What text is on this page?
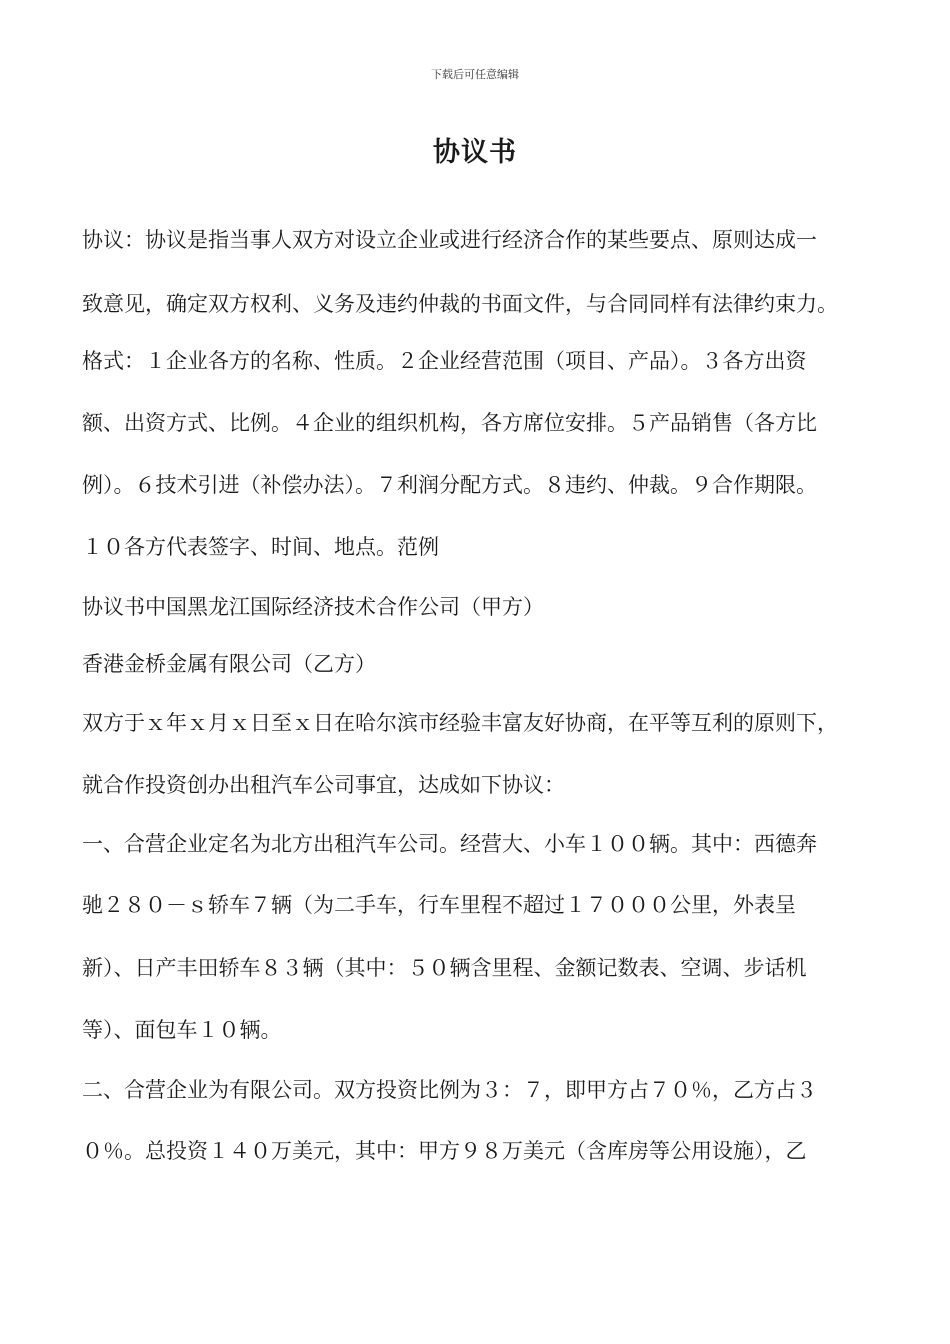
下载后可任意编辑
协议书
协议：协议是指当事人双方对设立企业或进行经济合作的某些要点、原则达成一
致意见，确定双方权利、义务及违约仲裁的书面文件，与合同同样有法律约束力。
格式：１企业各方的名称、性质。２企业经营范围（项目、产品）。３各方出资
额、出资方式、比例。４企业的组织机构，各方席位安排。５产品销售（各方比
例）。６技术引进（补偿办法）。７利润分配方式。８违约、仲裁。９合作期限。
１０各方代表签字、时间、地点。范例
协议书中国黑龙江国际经济技术合作公司（甲方）
香港金桥金属有限公司（乙方）
双方于ｘ年ｘ月ｘ日至ｘ日在哈尔滨市经验丰富友好协商，在平等互利的原则下，
就合作投资创办出租汽车公司事宜，达成如下协议：
一、合营企业定名为北方出租汽车公司。经营大、小车１００辆。其中：西德奔
驰２８０－ｓ轿车７辆（为二手车，行车里程不超过１７０００公里，外表呈
新）、日产丰田轿车８３辆（其中：５０辆含里程、金额记数表、空调、步话机
等）、面包车１０辆。
二、合营企业为有限公司。双方投资比例为３：７，即甲方占７０％，乙方占３
０％。总投资１４０万美元，其中：甲方９８万美元（含库房等公用设施），乙
